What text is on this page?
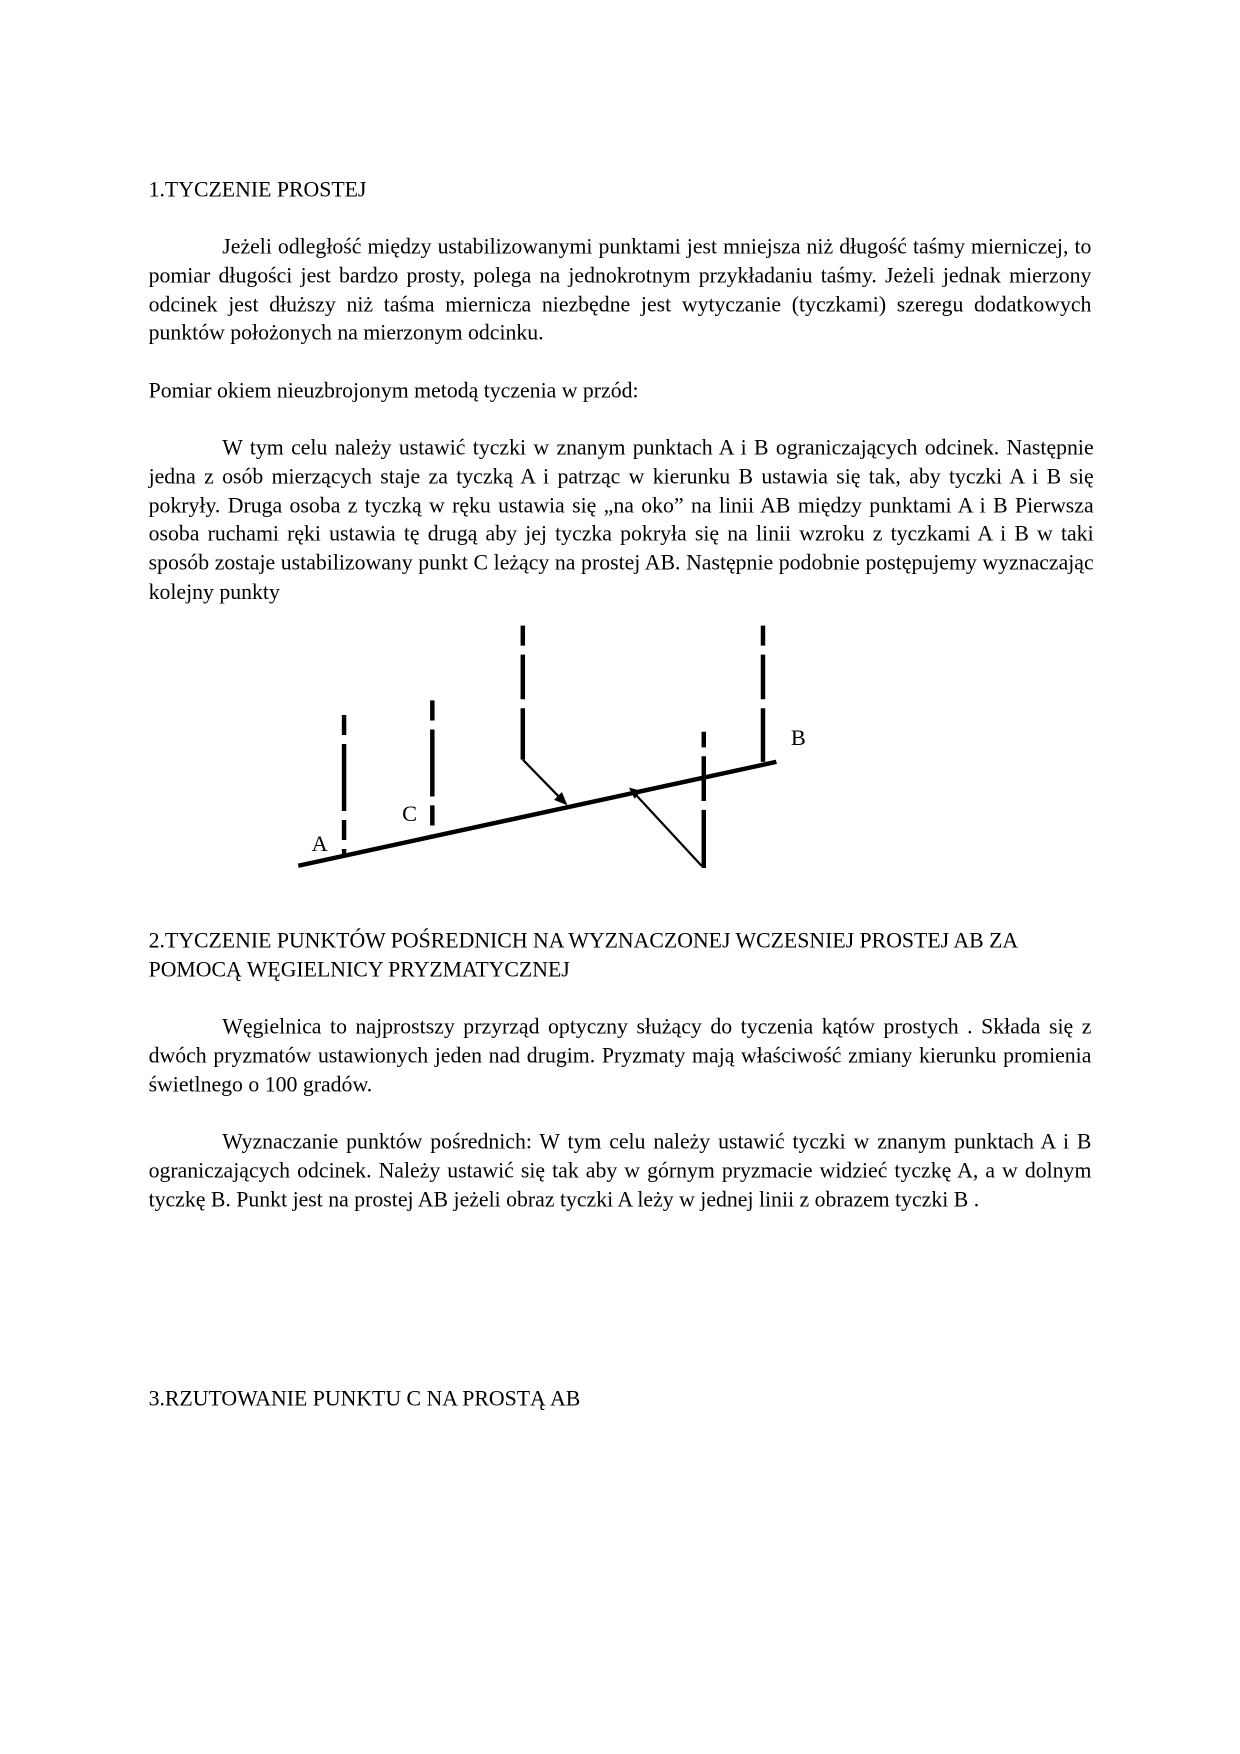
1.TYCZENIE PROSTEJ

Jeżeli odległość między ustabilizowanymi punktami jest mniejsza niż długość taśmy mierniczej, to pomiar długości jest bardzo prosty, polega na jednokrotnym przykładaniu taśmy. Jeżeli jednak mierzony odcinek jest dłuższy niż taśma miernicza niezbędne jest wytyczanie (tyczkami) szeregu dodatkowych punktów położonych na mierzonym odcinku.

Pomiar okiem nieuzbrojonym metodą tyczenia w przód:

W tym celu należy ustawić tyczki w znanym punktach A i B ograniczających odcinek. Następnie jedna z osób mierzących staje za tyczką A i patrząc w kierunku B ustawia się tak, aby tyczki A i B się pokryły. Druga osoba z tyczką w ręku ustawia się „na oko” na linii AB między punktami A i B Pierwsza osoba ruchami ręki ustawia tę drugą aby jej tyczka pokryła się na linii wzroku z tyczkami A i B w taki sposób zostaje ustabilizowany punkt C leżący na prostej AB. Następnie podobnie postępujemy wyznaczając kolejny punkty

A
C
B

2.TYCZENIE PUNKTÓW POŚREDNICH NA WYZNACZONEJ WCZESNIEJ PROSTEJ AB ZA POMOCĄ WĘGIELNICY PRYZMATYCZNEJ

Węgielnica to najprostszy przyrząd optyczny służący do tyczenia kątów prostych . Składa się z dwóch pryzmatów ustawionych jeden nad drugim. Pryzmaty mają właściwość zmiany kierunku promienia świetlnego o 100 gradów.

Wyznaczanie punktów pośrednich: W tym celu należy ustawić tyczki w znanym punktach A i B ograniczających odcinek. Należy ustawić się tak aby w górnym pryzmacie widzieć tyczkę A, a w dolnym tyczkę B. Punkt jest na prostej AB jeżeli obraz tyczki A leży w jednej linii z obrazem tyczki B .

3.RZUTOWANIE PUNKTU C NA PROSTĄ AB
